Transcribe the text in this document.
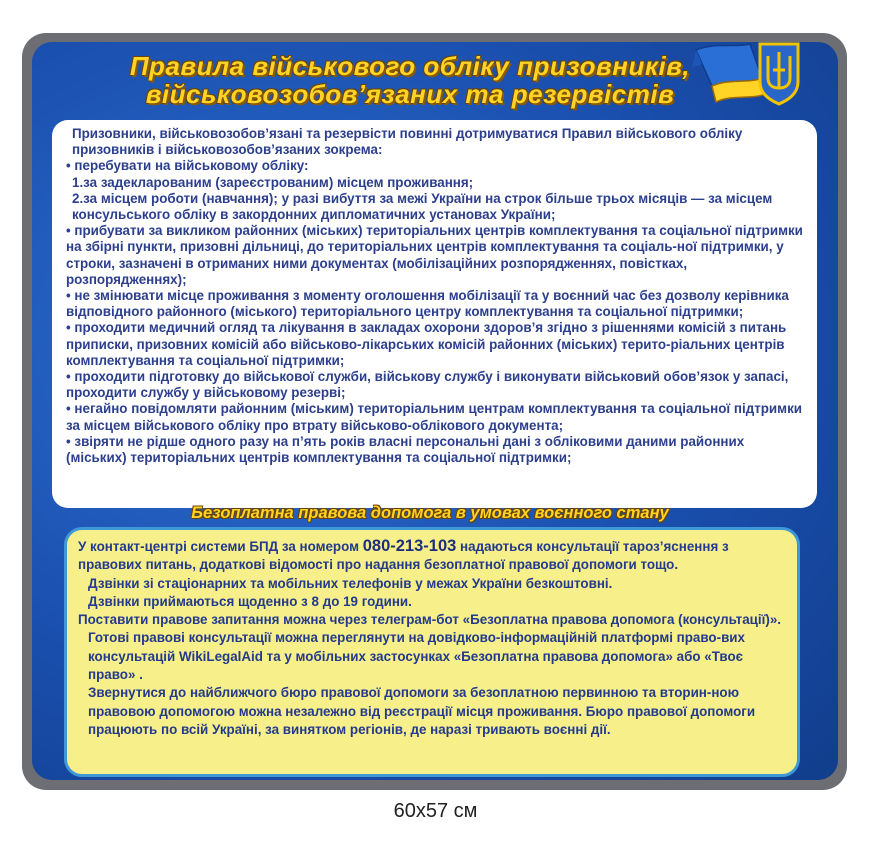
Правила військового обліку призовників,
військовозобов’язаних та резервістів

Призовники, військовозобов’язані та резервісти повинні дотримуватися Правил військового обліку призовників і військовозобов’язаних зокрема:

• перебувати на військовому обліку:

1.за задекларованим (зареєстрованим) місцем проживання;

2.за місцем роботи (навчання); у разі вибуття за межі України на строк більше трьох місяців — за місцем консульського обліку в закордонних дипломатичних установах України;

• прибувати за викликом районних (міських) територіальних центрів комплектування та соціальної підтримки на збірні пункти, призовні дільниці, до територіальних центрів комплектування та соціаль-ної підтримки, у строки, зазначені в отриманих ними документах (мобілізаційних розпорядженнях, повістках, розпорядженнях);

• не змінювати місце проживання з моменту оголошення мобілізації та у воєнний час без дозволу керівника відповідного районного (міського) територіального центру комплектування та соціальної підтримки;

• проходити медичний огляд та лікування в закладах охорони здоров’я згідно з рішеннями комісій з питань приписки, призовних комісій або військово-лікарських комісій районних (міських) терито-ріальних центрів комплектування та соціальної підтримки;

• проходити підготовку до військової служби, військову службу і виконувати військовий обов’язок у запасі, проходити службу у військовому резерві;

• негайно повідомляти районним (міським) територіальним центрам комплектування та соціальної підтримки за місцем військового обліку про втрату військово-облікового документа;

• звіряти не рідше одного разу на п’ять років власні персональні дані з обліковими даними районних (міських) територіальних центрів комплектування та соціальної підтримки;

Безоплатна правова допомога в умовах воєнного стану

У контакт-центрі системи БПД за номером 080-213-103 надаються консультації тароз’яснення з правових питань, додаткові відомості про надання безоплатної правової допомоги тощо.

Дзвінки зі стаціонарних та мобільних телефонів у межах України безкоштовні.

Дзвінки приймаються щоденно з 8 до 19 години.

Поставити правове запитання можна через телеграм-бот «Безоплатна правова допомога (консультації)».

Готові правові консультації можна переглянути на довідково-інформаційній платформі право-вих консультацій WikiLegalAid та у мобільних застосунках «Безоплатна правова допомога» або «Твоє право» .

Звернутися до найближчого бюро правової допомоги за безоплатною первинною та вторин-ною правовою допомогою можна незалежно від реєстрації місця проживання. Бюро правової допомоги працюють по всій Україні, за винятком регіонів, де наразі тривають воєнні дії.

60x57 см
